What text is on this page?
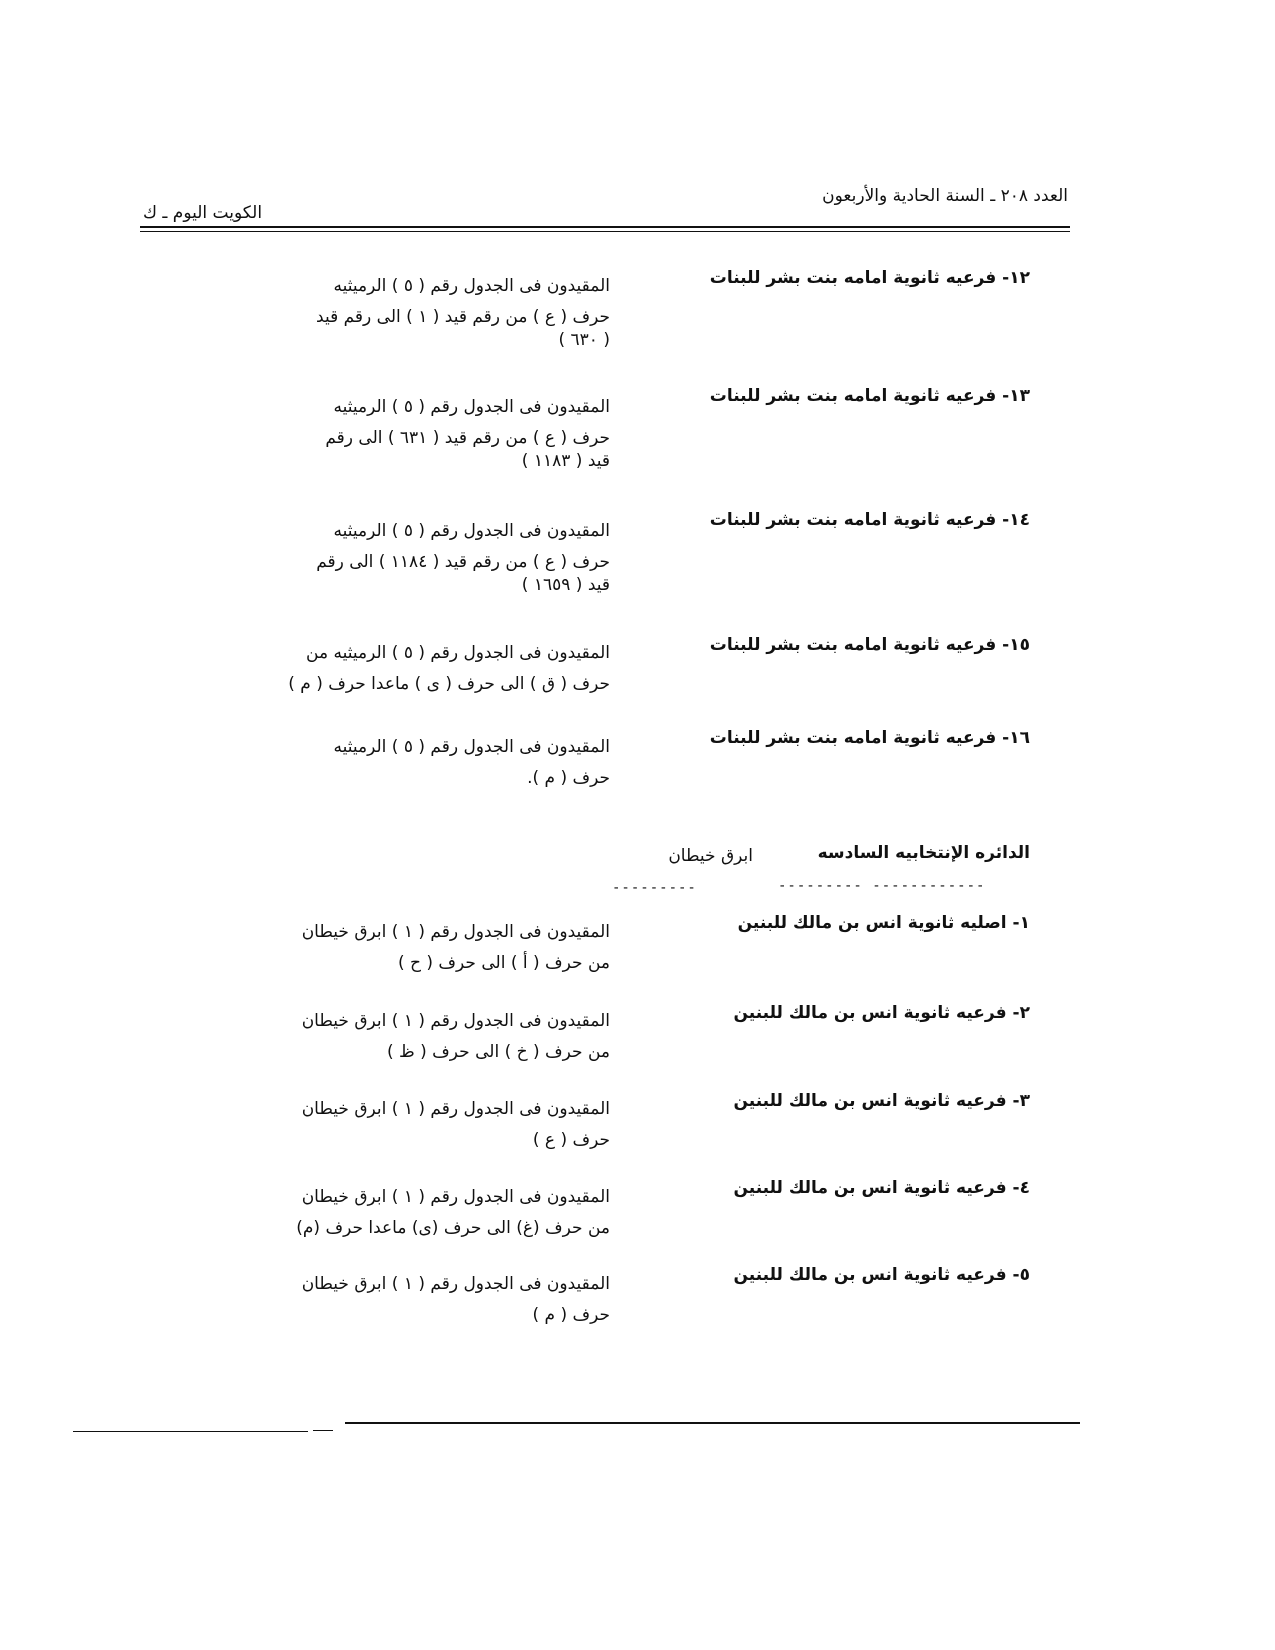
العدد ٢٠٨ ـ السنة الحادية والأربعون
الكويت اليوم ـ ك
١٢- فرعيه ثانوية امامه بنت بشر للبنات
المقيدون فى الجدول رقم ( ٥ ) الرميثيه
حرف ( ع ) من رقم قيد ( ١ ) الى رقم قيد
( ٦٣٠ )
١٣- فرعيه ثانوية امامه بنت بشر للبنات
المقيدون فى الجدول رقم ( ٥ ) الرميثيه
حرف ( ع ) من رقم قيد ( ٦٣١ ) الى رقم
قيد ( ١١٨٣ )
١٤- فرعيه ثانوية امامه بنت بشر للبنات
المقيدون فى الجدول رقم ( ٥ ) الرميثيه
حرف ( ع ) من رقم قيد ( ١١٨٤ ) الى رقم
قيد ( ١٦٥٩ )
١٥- فرعيه ثانوية امامه بنت بشر للبنات
المقيدون فى الجدول رقم ( ٥ ) الرميثيه من
حرف ( ق ) الى حرف ( ى ) ماعدا حرف ( م )
١٦- فرعيه ثانوية امامه بنت بشر للبنات
المقيدون فى الجدول رقم ( ٥ ) الرميثيه
حرف ( م ).
الدائره الإنتخابيه السادسه
ابرق خيطان
--------- ------------
---------
١- اصليه ثانوية انس بن مالك للبنين
المقيدون فى الجدول رقم ( ١ ) ابرق خيطان
من حرف ( أ ) الى حرف ( ح )
٢- فرعيه ثانوية انس بن مالك للبنين
المقيدون فى الجدول رقم ( ١ ) ابرق خيطان
من حرف ( خ ) الى حرف ( ظ )
٣- فرعيه ثانوية انس بن مالك للبنين
المقيدون فى الجدول رقم ( ١ ) ابرق خيطان
حرف ( ع )
٤- فرعيه ثانوية انس بن مالك للبنين
المقيدون فى الجدول رقم ( ١ ) ابرق خيطان
من حرف (غ) الى حرف (ى) ماعدا حرف (م)
٥- فرعيه ثانوية انس بن مالك للبنين
المقيدون فى الجدول رقم ( ١ ) ابرق خيطان
حرف ( م )
